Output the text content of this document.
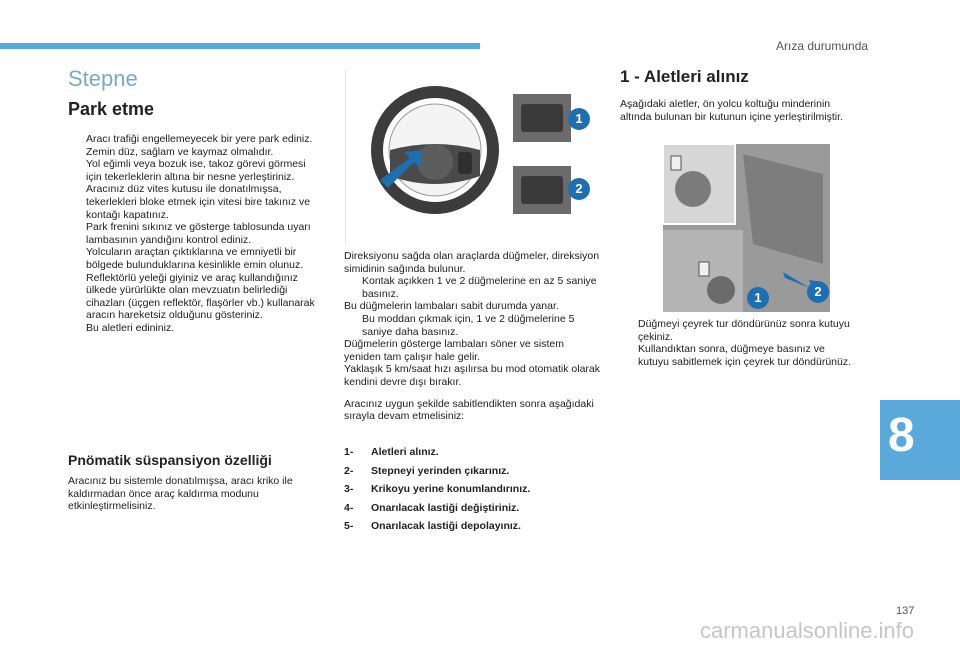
Arıza durumunda
Stepne
Park etme

Aracı trafiği engellemeyecek bir yere park ediniz. Zemin düz, sağlam ve kaymaz olmalıdır.

Yol eğimli veya bozuk ise, takoz görevi görmesi için tekerleklerin altına bir nesne yerleştiriniz.

Aracınız düz vites kutusu ile donatılmışsa, tekerlekleri bloke etmek için vitesi bire takınız ve kontağı kapatınız.

Park frenini sıkınız ve gösterge tablosunda uyarı lambasının yandığını kontrol ediniz.

Yolcuların araçtan çıktıklarına ve emniyetli bir bölgede bulunduklarına kesinlikle emin olunuz.

Reflektörlü yeleği giyiniz ve araç kullandığınız ülkede yürürlükte olan mevzuatın belirlediği cihazları (üçgen reflektör, flaşörler vb.) kullanarak aracın hareketsiz olduğunu gösteriniz.

Bu aletleri edininiz.

Pnömatik süspansiyon özelliği
Aracınız bu sistemle donatılmışsa, aracı kriko ile kaldırmadan önce araç kaldırma modunu etkinleştirmelisiniz.
1
2

Direksiyonu sağda olan araçlarda düğmeler, direksiyon simidinin sağında bulunur.

Kontak açıkken 1 ve 2 düğmelerine en az 5 saniye basınız.

Bu düğmelerin lambaları sabit durumda yanar.

Bu moddan çıkmak için, 1 ve 2 düğmelerine 5 saniye daha basınız.

Düğmelerin gösterge lambaları söner ve sistem yeniden tam çalışır hale gelir.

Yaklaşık 5 km/saat hızı aşılırsa bu mod otomatik olarak kendini devre dışı bırakır.

Aracınız uygun şekilde sabitlendikten sonra aşağıdaki sırayla devam etmelisiniz:

1- Aletleri alınız.
2- Stepneyi yerinden çıkarınız.
3- Krikoyu yerine konumlandırınız.
4- Onarılacak lastiği değiştiriniz.
5- Onarılacak lastiği depolayınız.
1 - Aletleri alınız
Aşağıdaki aletler, ön yolcu koltuğu minderinin altında bulunan bir kutunun içine yerleştirilmiştir.
1	2

Düğmeyi çeyrek tur döndürünüz sonra kutuyu çekiniz.

Kullandıktan sonra, düğmeye basınız ve kutuyu sabitlemek için çeyrek tur döndürünüz.

8
137
carmanualsonline.info
